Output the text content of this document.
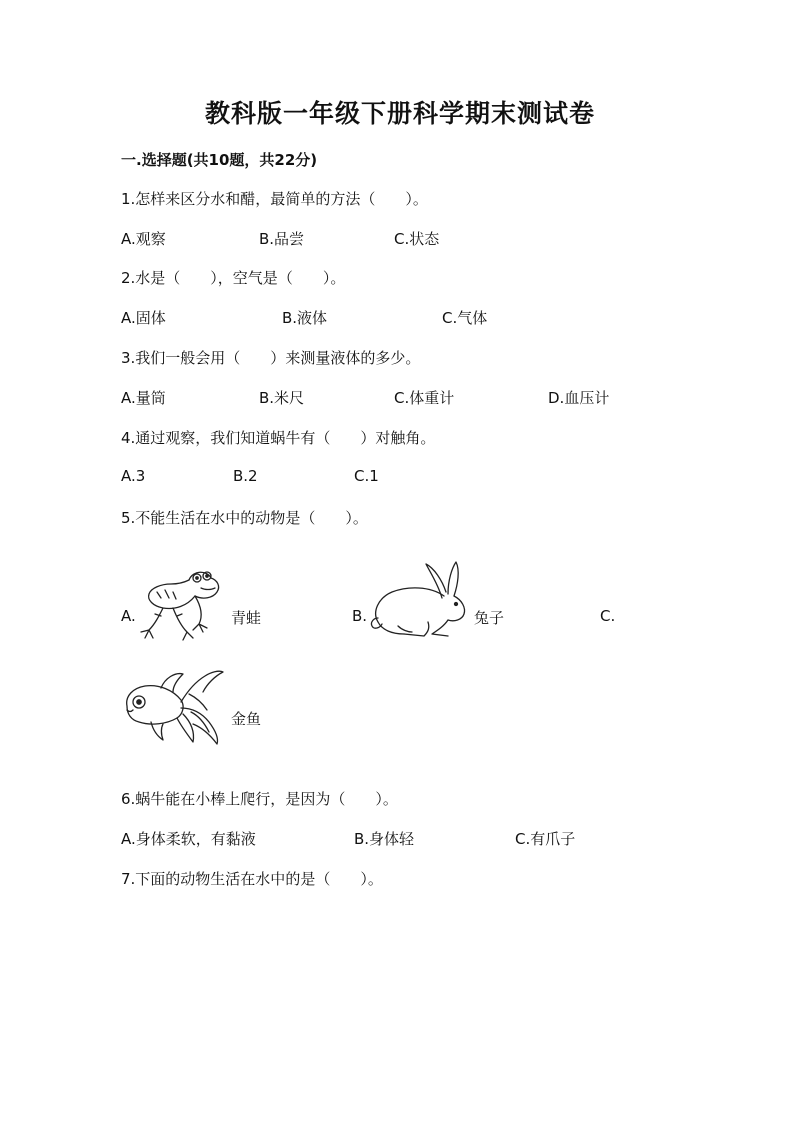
教科版一年级下册科学期末测试卷
一.选择题(共10题，共22分)
1.怎样来区分水和醋，最简单的方法（　　）。
A.观察	B.品尝	C.状态
2.水是（　　），空气是（　　）。
A.固体	B.液体	C.气体
3.我们一般会用（　　）来测量液体的多少。
A.量筒	B.米尺	C.体重计	D.血压计
4.通过观察，我们知道蜗牛有（　　）对触角。
A.3	B.2	C.1
5.不能生活在水中的动物是（　　）。
A.	青蛙	B.	兔子	C.
金鱼
6.蜗牛能在小棒上爬行，是因为（　　）。
A.身体柔软，有黏液	B.身体轻	C.有爪子
7.下面的动物生活在水中的是（　　）。
